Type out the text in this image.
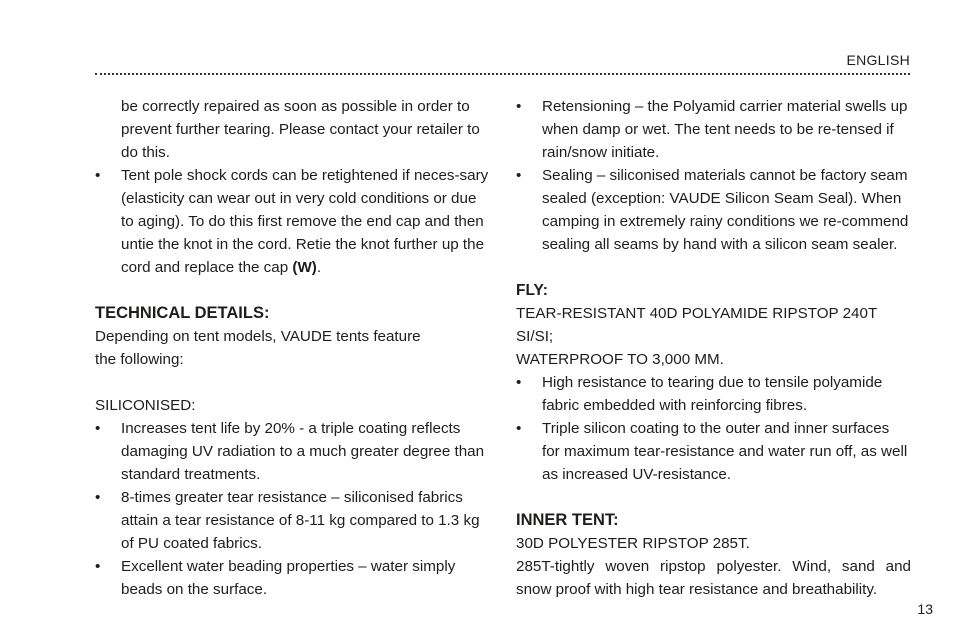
ENGLISH

be correctly repaired as soon as possible in order to prevent further tearing. Please contact your retailer to do this.

• Tent pole shock cords can be retightened if neces-sary (elasticity can wear out in very cold conditions or due to aging). To do this first remove the end cap and then untie the knot in the cord. Retie the knot further up the cord and replace the cap (W).

TECHNICAL DETAILS:

Depending on tent models, VAUDE tents feature the following:

SILICONISED:

• Increases tent life by 20% - a triple coating reflects damaging UV radiation to a much greater degree than standard treatments.
• 8-times greater tear resistance – siliconised fabrics attain a tear resistance of 8-11 kg compared to 1.3 kg of PU coated fabrics.
• Excellent water beading properties – water simply beads on the surface.
• Retensioning – the Polyamid carrier material swells up when damp or wet. The tent needs to be re-tensed if rain/snow initiate.
• Sealing – siliconised materials cannot be factory seam sealed (exception: VAUDE Silicon Seam Seal). When camping in extremely rainy conditions we re-commend sealing all seams by hand with a silicon seam sealer.

FLY:

TEAR-RESISTANT 40D POLYAMIDE RIPSTOP 240T SI/SI;

WATERPROOF TO 3,000 MM.

• High resistance to tearing due to tensile polyamide fabric embedded with reinforcing fibres.
• Triple silicon coating to the outer and inner surfaces for maximum tear-resistance and water run off, as well as increased UV-resistance.

INNER TENT:

30D POLYESTER RIPSTOP 285T.

285T-tightly woven ripstop polyester. Wind, sand and snow proof with high tear resistance and breathability.

13
